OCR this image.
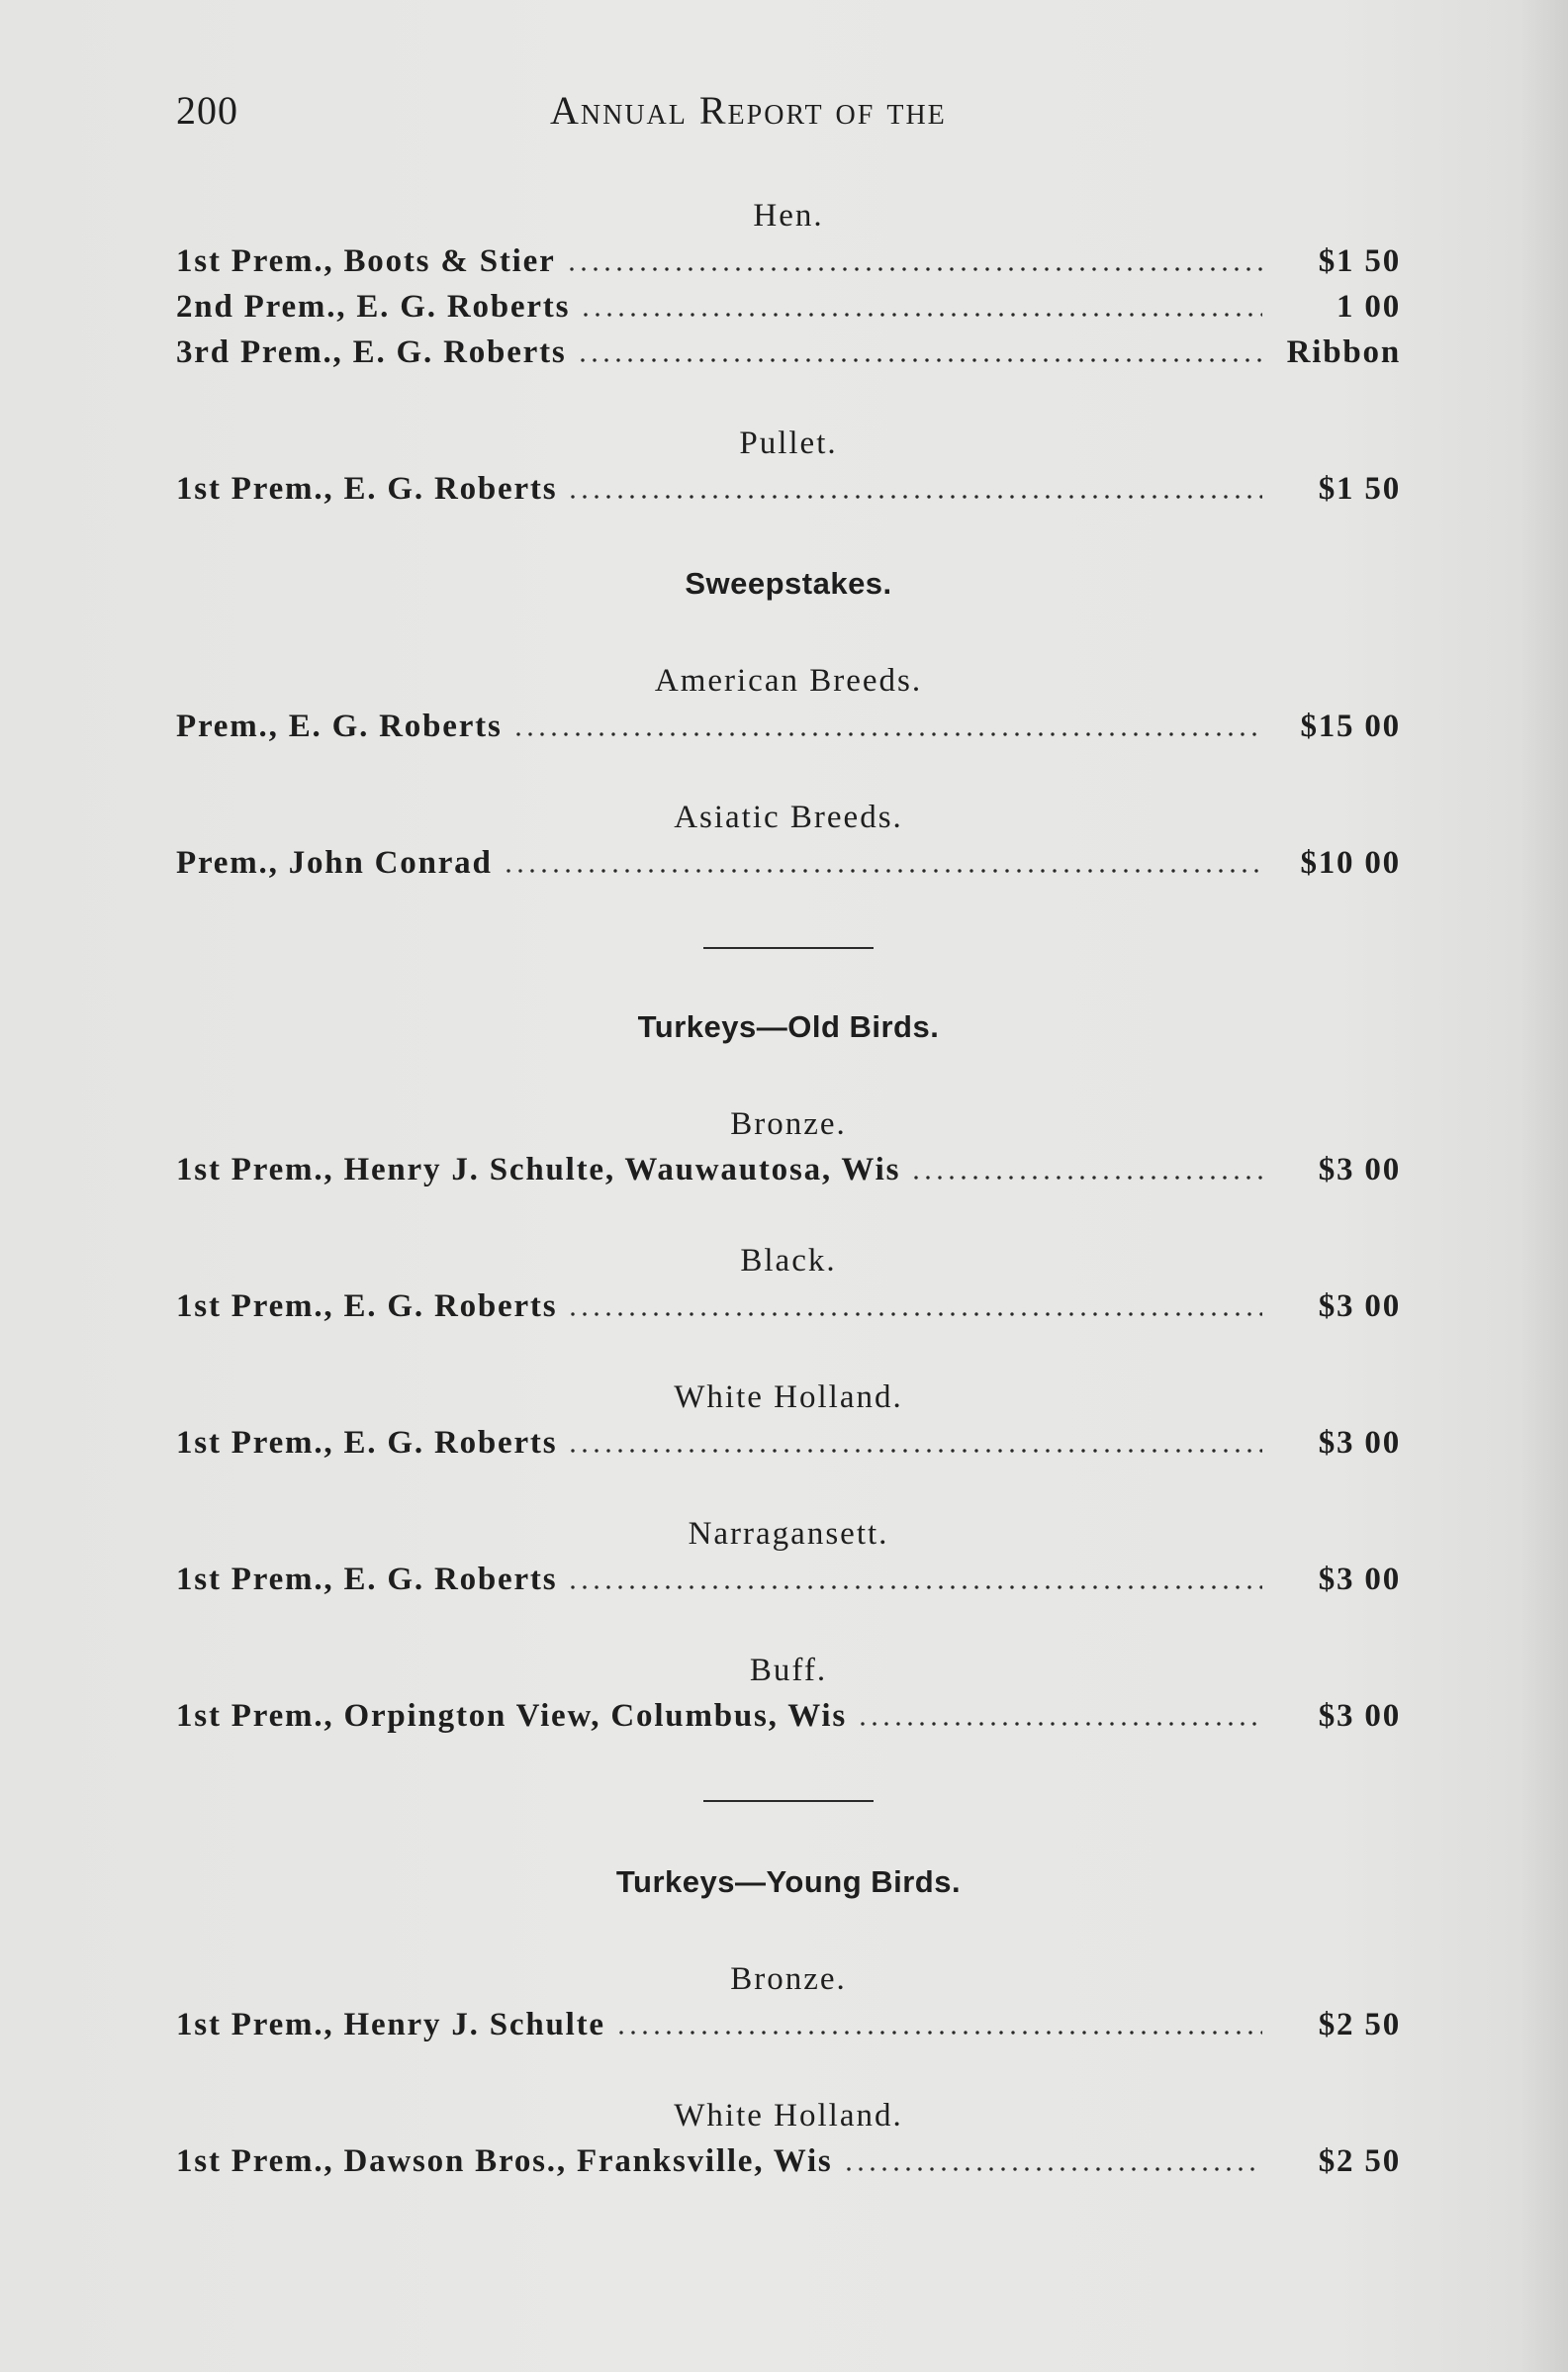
200	Annual Report of the
Hen.
1st Prem., Boots & Stier	$1 50
2nd Prem., E. G. Roberts	1 00
3rd Prem., E. G. Roberts	Ribbon
Pullet.
1st Prem., E. G. Roberts	$1 50
Sweepstakes.
American Breeds.
Prem., E. G. Roberts	$15 00
Asiatic Breeds.
Prem., John Conrad	$10 00
Turkeys—Old Birds.
Bronze.
1st Prem., Henry J. Schulte, Wauwautosa, Wis	$3 00
Black.
1st Prem., E. G. Roberts	$3 00
White Holland.
1st Prem., E. G. Roberts	$3 00
Narragansett.
1st Prem., E. G. Roberts	$3 00
Buff.
1st Prem., Orpington View, Columbus, Wis	$3 00
Turkeys—Young Birds.
Bronze.
1st Prem., Henry J. Schulte	$2 50
White Holland.
1st Prem., Dawson Bros., Franksville, Wis	$2 50
